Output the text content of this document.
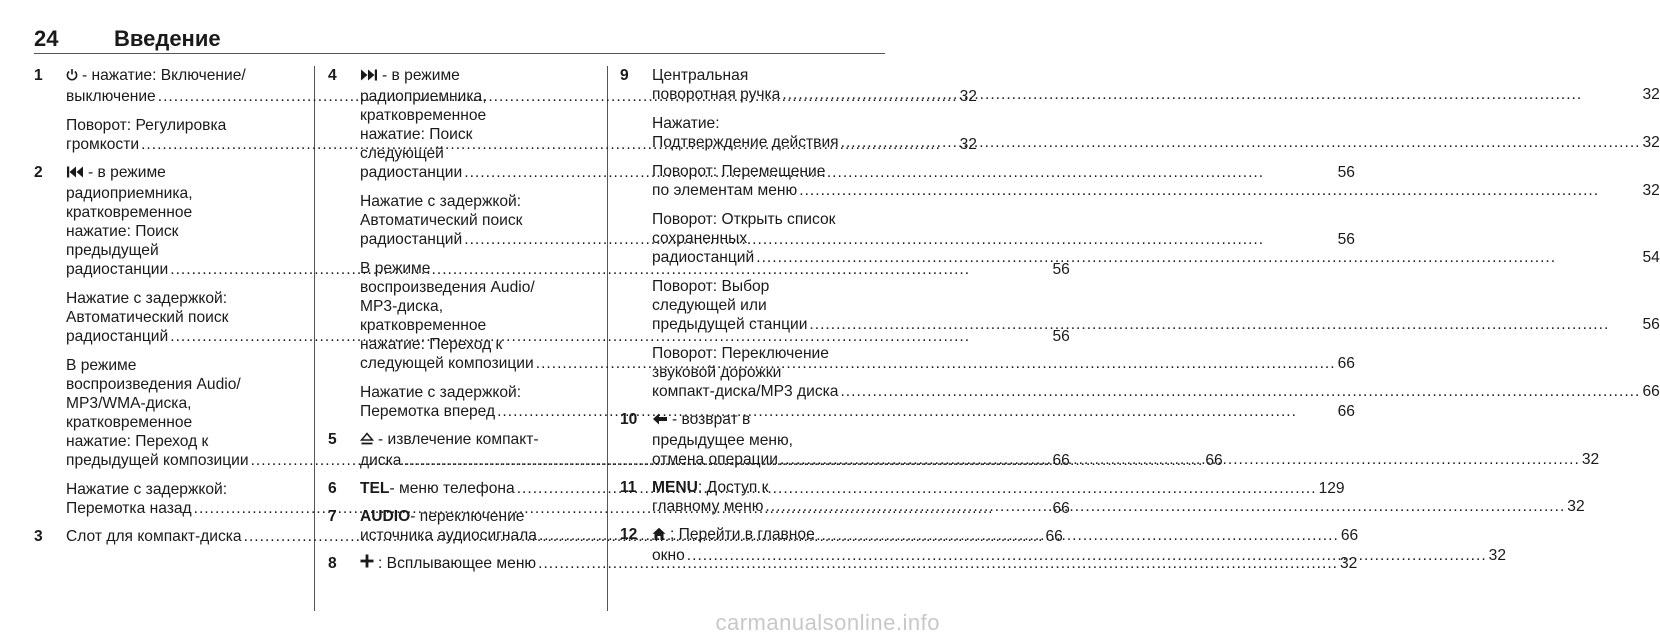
24	Введение
1	- нажатие: Включение/
выключение .....	32
Поворот: Регулировка
громкости .....	32
2	- в режиме
радиоприемника,
кратковременное
нажатие: Поиск
предыдущей
радиостанции .....	56
Нажатие с задержкой:
Автоматический поиск
радиостанций .....	56
В режиме
воспроизведения Audio/
MP3/WMA-диска,
кратковременное
нажатие: Переход к
предыдущей композиции .....	66
Нажатие с задержкой:
Перемотка назад .....	66
3	Слот для компакт-диска .....	66
4	- в режиме
радиоприемника,
кратковременное
нажатие: Поиск
следующей
радиостанции .....	56
Нажатие с задержкой:
Автоматический поиск
радиостанций .....	56
В режиме
воспроизведения Audio/
MP3-диска,
кратковременное
нажатие: Переход к
следующей композиции .....	66
Нажатие с задержкой:
Перемотка вперед .....	66
5	- извлечение компакт-
диска .....	66
6	TEL - меню телефона .....	129
7	AUDIO- переключение
источника аудиосигнала .....	66
8	: Всплывающее меню .....	32
9	Центральная
поворотная ручка .....	32
Нажатие:
Подтверждение действия .....	32
Поворот: Перемещение
по элементам меню .....	32
Поворот: Открыть список
сохраненных
радиостанций .....	54
Поворот: Выбор
следующей или
предыдущей станции .....	56
Поворот: Переключение
звуковой дорожки
компакт-диска/MP3 диска .....	66
10	- возврат в
предыдущее меню,
отмена операции .....	32
11 MENU: Доступ к
главному меню .....	32
12	: Перейти в главное
окно .....	32
carmanualsonline.info
